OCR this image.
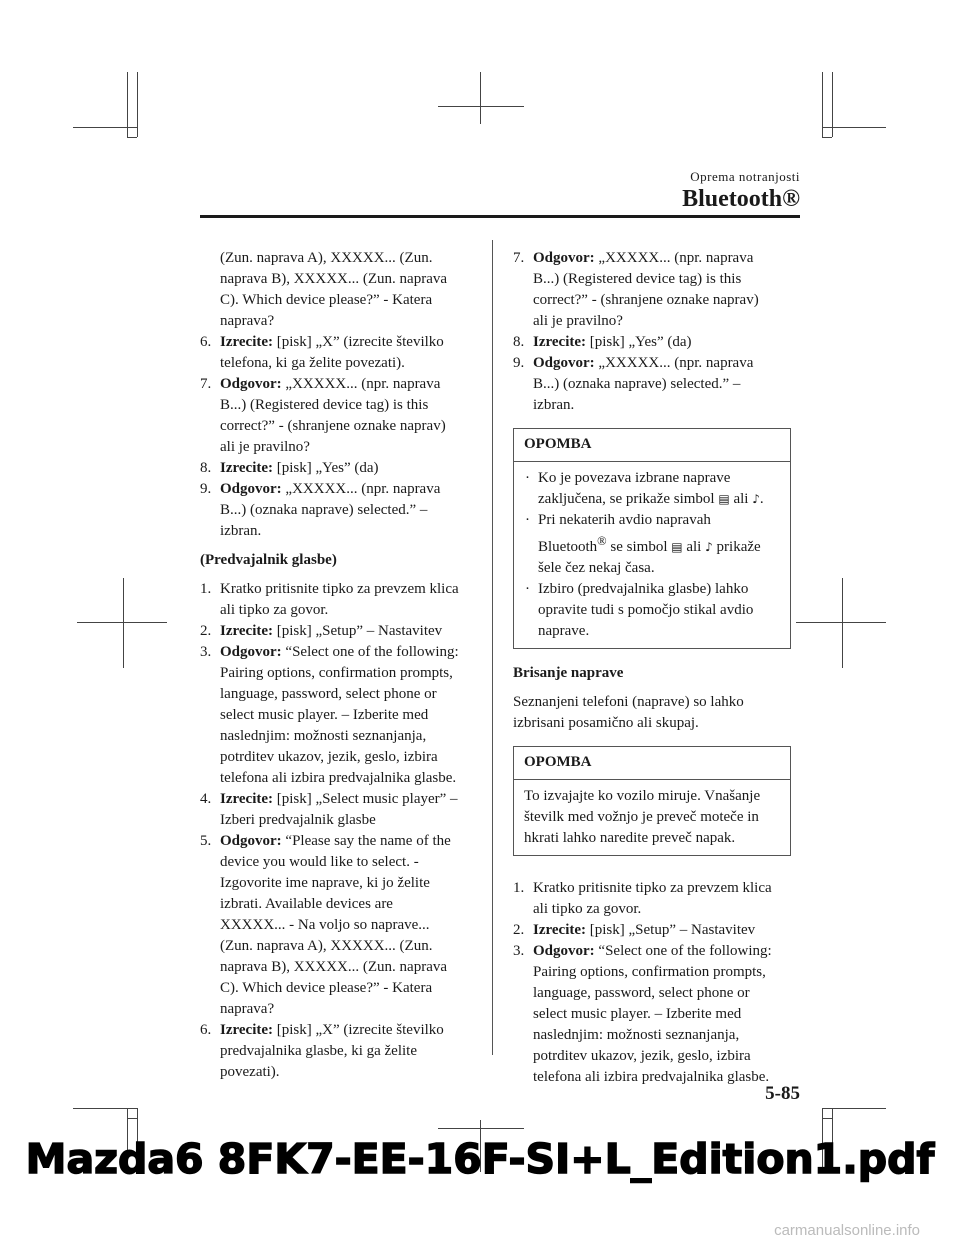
Oprema notranjosti
Bluetooth®
(Zun. naprava A), XXXXX... (Zun.
naprava B), XXXXX... (Zun. naprava
C). Which device please?” - Katera
naprava?
6. Izrecite: [pisk] „X” (izrecite številko
telefona, ki ga želite povezati).
7. Odgovor: „XXXXX... (npr. naprava
B...) (Registered device tag) is this
correct?” - (shranjene oznake naprav)
ali je pravilno?
8. Izrecite: [pisk] „Yes” (da)
9. Odgovor: „XXXXX... (npr. naprava
B...) (oznaka naprave) selected.” –
izbran.
(Predvajalnik glasbe)
1. Kratko pritisnite tipko za prevzem klica
ali tipko za govor.
2. Izrecite: [pisk] „Setup” – Nastavitev
3. Odgovor: “Select one of the following:
Pairing options, confirmation prompts,
language, password, select phone or
select music player. – Izberite med
naslednjim: možnosti seznanjanja,
potrditev ukazov, jezik, geslo, izbira
telefona ali izbira predvajalnika glasbe.
4. Izrecite: [pisk] „Select music player” –
Izberi predvajalnik glasbe
5. Odgovor: “Please say the name of the
device you would like to select. -
Izgovorite ime naprave, ki jo želite
izbrati. Available devices are
XXXXX... - Na voljo so naprave...
(Zun. naprava A), XXXXX... (Zun.
naprava B), XXXXX... (Zun. naprava
C). Which device please?” - Katera
naprava?
6. Izrecite: [pisk] „X” (izrecite številko
predvajalnika glasbe, ki ga želite
povezati).
7. Odgovor: „XXXXX... (npr. naprava
B...) (Registered device tag) is this
correct?” - (shranjene oznake naprav)
ali je pravilno?
8. Izrecite: [pisk] „Yes” (da)
9. Odgovor: „XXXXX... (npr. naprava
B...) (oznaka naprave) selected.” –
izbran.
OPOMBA
· Ko je povezava izbrane naprave
zaključena, se prikaže simbol ▤ ali ♪.
· Pri nekaterih avdio napravah
Bluetooth® se simbol ▤ ali ♪ prikaže
šele čez nekaj časa.
· Izbiro (predvajalnika glasbe) lahko
opravite tudi s pomočjo stikal avdio
naprave.
Brisanje naprave
Seznanjeni telefoni (naprave) so lahko
izbrisani posamično ali skupaj.
OPOMBA
To izvajajte ko vozilo miruje. Vnašanje
številk med vožnjo je preveč moteče in
hkrati lahko naredite preveč napak.
1. Kratko pritisnite tipko za prevzem klica
ali tipko za govor.
2. Izrecite: [pisk] „Setup” – Nastavitev
3. Odgovor: “Select one of the following:
Pairing options, confirmation prompts,
language, password, select phone or
select music player. – Izberite med
naslednjim: možnosti seznanjanja,
potrditev ukazov, jezik, geslo, izbira
telefona ali izbira predvajalnika glasbe.
5-85
Mazda6 8FK7-EE-16F-SI+L_Edition1.pdf
carmanualsonline.info
